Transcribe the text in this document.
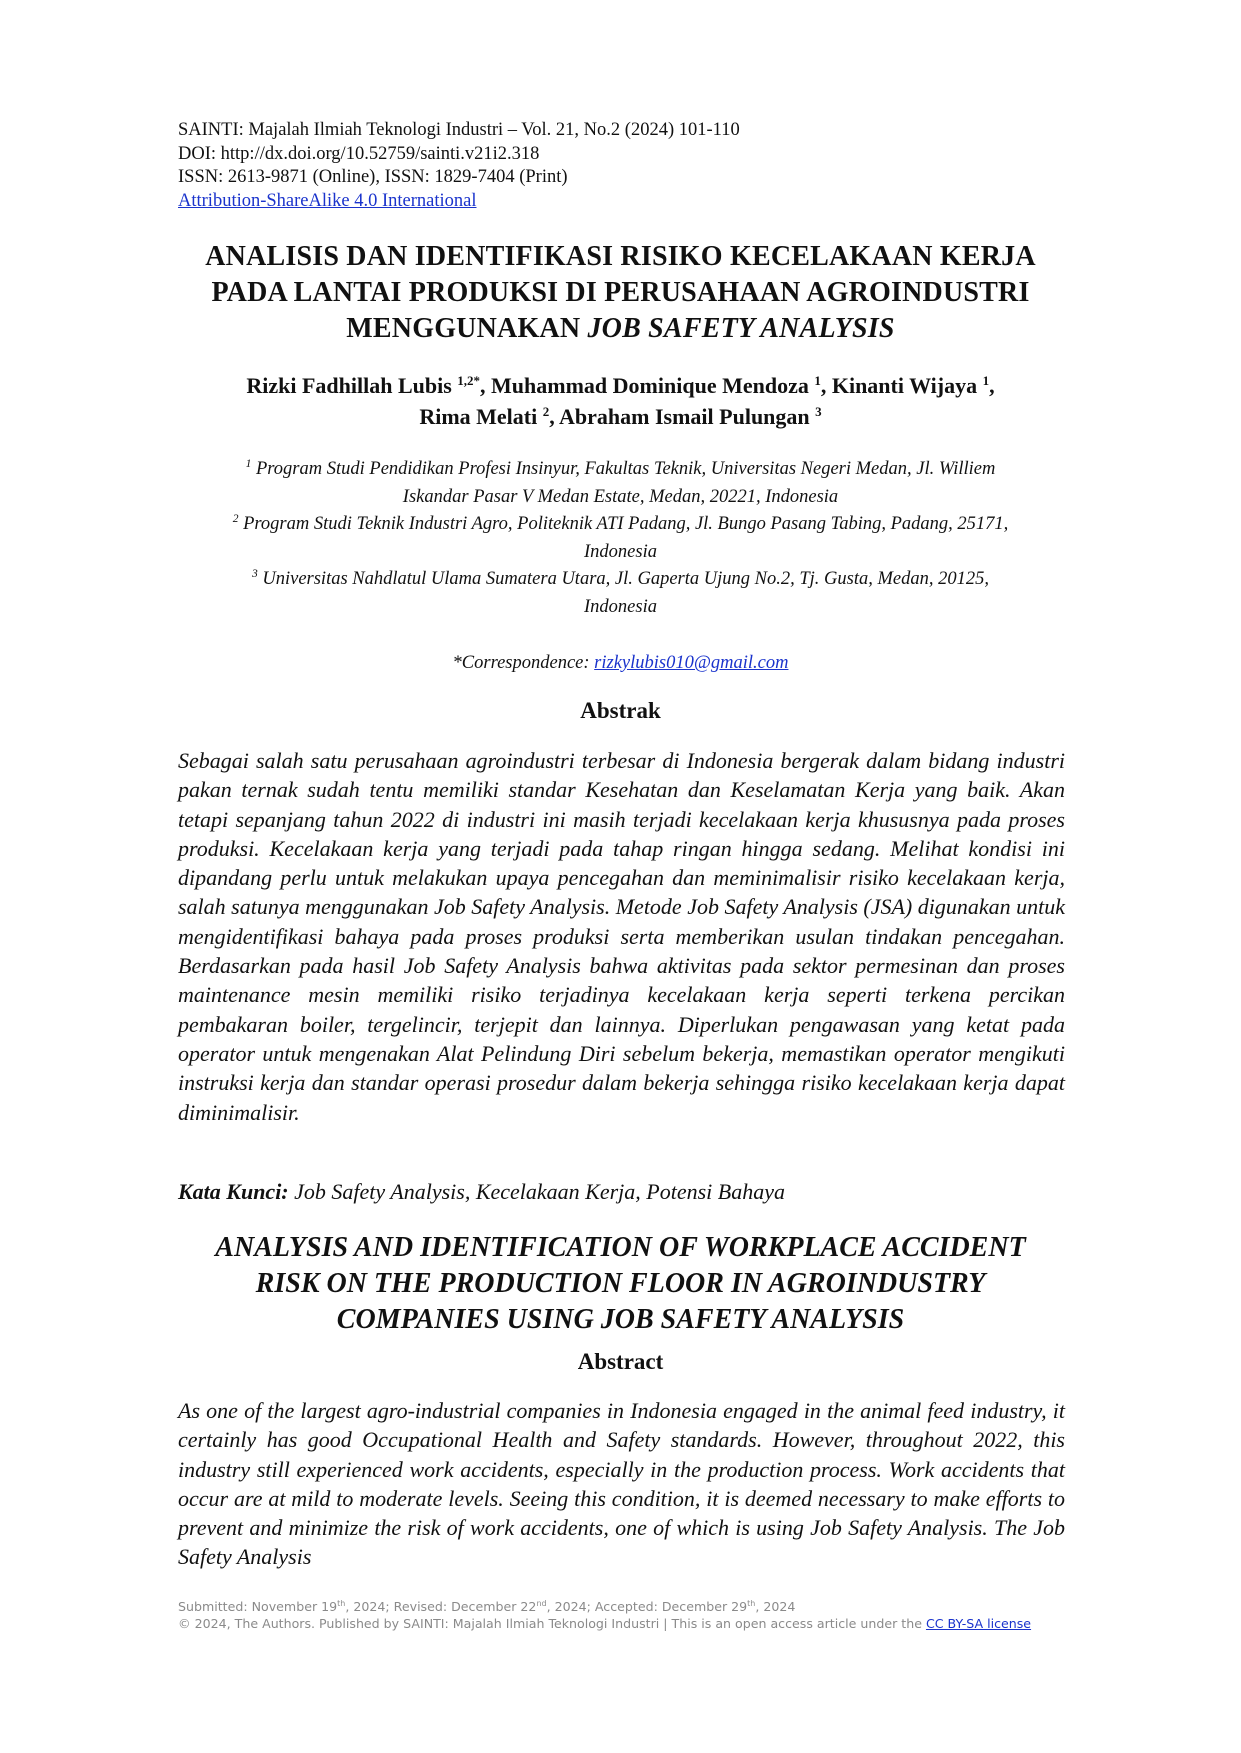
SAINTI: Majalah Ilmiah Teknologi Industri – Vol. 21, No.2 (2024) 101-110
DOI: http://dx.doi.org/10.52759/sainti.v21i2.318
ISSN: 2613-9871 (Online), ISSN: 1829-7404 (Print)
Attribution-ShareAlike 4.0 International
ANALISIS DAN IDENTIFIKASI RISIKO KECELAKAAN KERJA
PADA LANTAI PRODUKSI DI PERUSAHAAN AGROINDUSTRI
MENGGUNAKAN JOB SAFETY ANALYSIS
Rizki Fadhillah Lubis $^{1,2*}$, Muhammad Dominique Mendoza $^1$, Kinanti Wijaya $^1$,
Rima Melati $^2$, Abraham Ismail Pulungan $^3$
$^1$ Program Studi Pendidikan Profesi Insinyur, Fakultas Teknik, Universitas Negeri Medan, Jl. Williem
Iskandar Pasar V Medan Estate, Medan, 20221, Indonesia
$^2$ Program Studi Teknik Industri Agro, Politeknik ATI Padang, Jl. Bungo Pasang Tabing, Padang, 25171,
Indonesia
$^3$ Universitas Nahdlatul Ulama Sumatera Utara, Jl. Gaperta Ujung No.2, Tj. Gusta, Medan, 20125,
Indonesia
*Correspondence: rizkylubis010@gmail.com
Abstrak
Sebagai salah satu perusahaan agroindustri terbesar di Indonesia bergerak dalam bidang industri pakan ternak sudah tentu memiliki standar Kesehatan dan Keselamatan Kerja yang baik. Akan tetapi sepanjang tahun 2022 di industri ini masih terjadi kecelakaan kerja khususnya pada proses produksi. Kecelakaan kerja yang terjadi pada tahap ringan hingga sedang. Melihat kondisi ini dipandang perlu untuk melakukan upaya pencegahan dan meminimalisir risiko kecelakaan kerja, salah satunya menggunakan Job Safety Analysis. Metode Job Safety Analysis (JSA) digunakan untuk mengidentifikasi bahaya pada proses produksi serta memberikan usulan tindakan pencegahan. Berdasarkan pada hasil Job Safety Analysis bahwa aktivitas pada sektor permesinan dan proses maintenance mesin memiliki risiko terjadinya kecelakaan kerja seperti terkena percikan pembakaran boiler, tergelincir, terjepit dan lainnya. Diperlukan pengawasan yang ketat pada operator untuk mengenakan Alat Pelindung Diri sebelum bekerja, memastikan operator mengikuti instruksi kerja dan standar operasi prosedur dalam bekerja sehingga risiko kecelakaan kerja dapat diminimalisir.
Kata Kunci: Job Safety Analysis, Kecelakaan Kerja, Potensi Bahaya
ANALYSIS AND IDENTIFICATION OF WORKPLACE ACCIDENT
RISK ON THE PRODUCTION FLOOR IN AGROINDUSTRY
COMPANIES USING JOB SAFETY ANALYSIS
Abstract
As one of the largest agro-industrial companies in Indonesia engaged in the animal feed industry, it certainly has good Occupational Health and Safety standards. However, throughout 2022, this industry still experienced work accidents, especially in the production process. Work accidents that occur are at mild to moderate levels. Seeing this condition, it is deemed necessary to make efforts to prevent and minimize the risk of work accidents, one of which is using Job Safety Analysis. The Job Safety Analysis
Submitted: November 19th, 2024; Revised: December 22nd, 2024; Accepted: December 29th, 2024
© 2024, The Authors. Published by SAINTI: Majalah Ilmiah Teknologi Industri | This is an open access article under the CC BY-SA license
